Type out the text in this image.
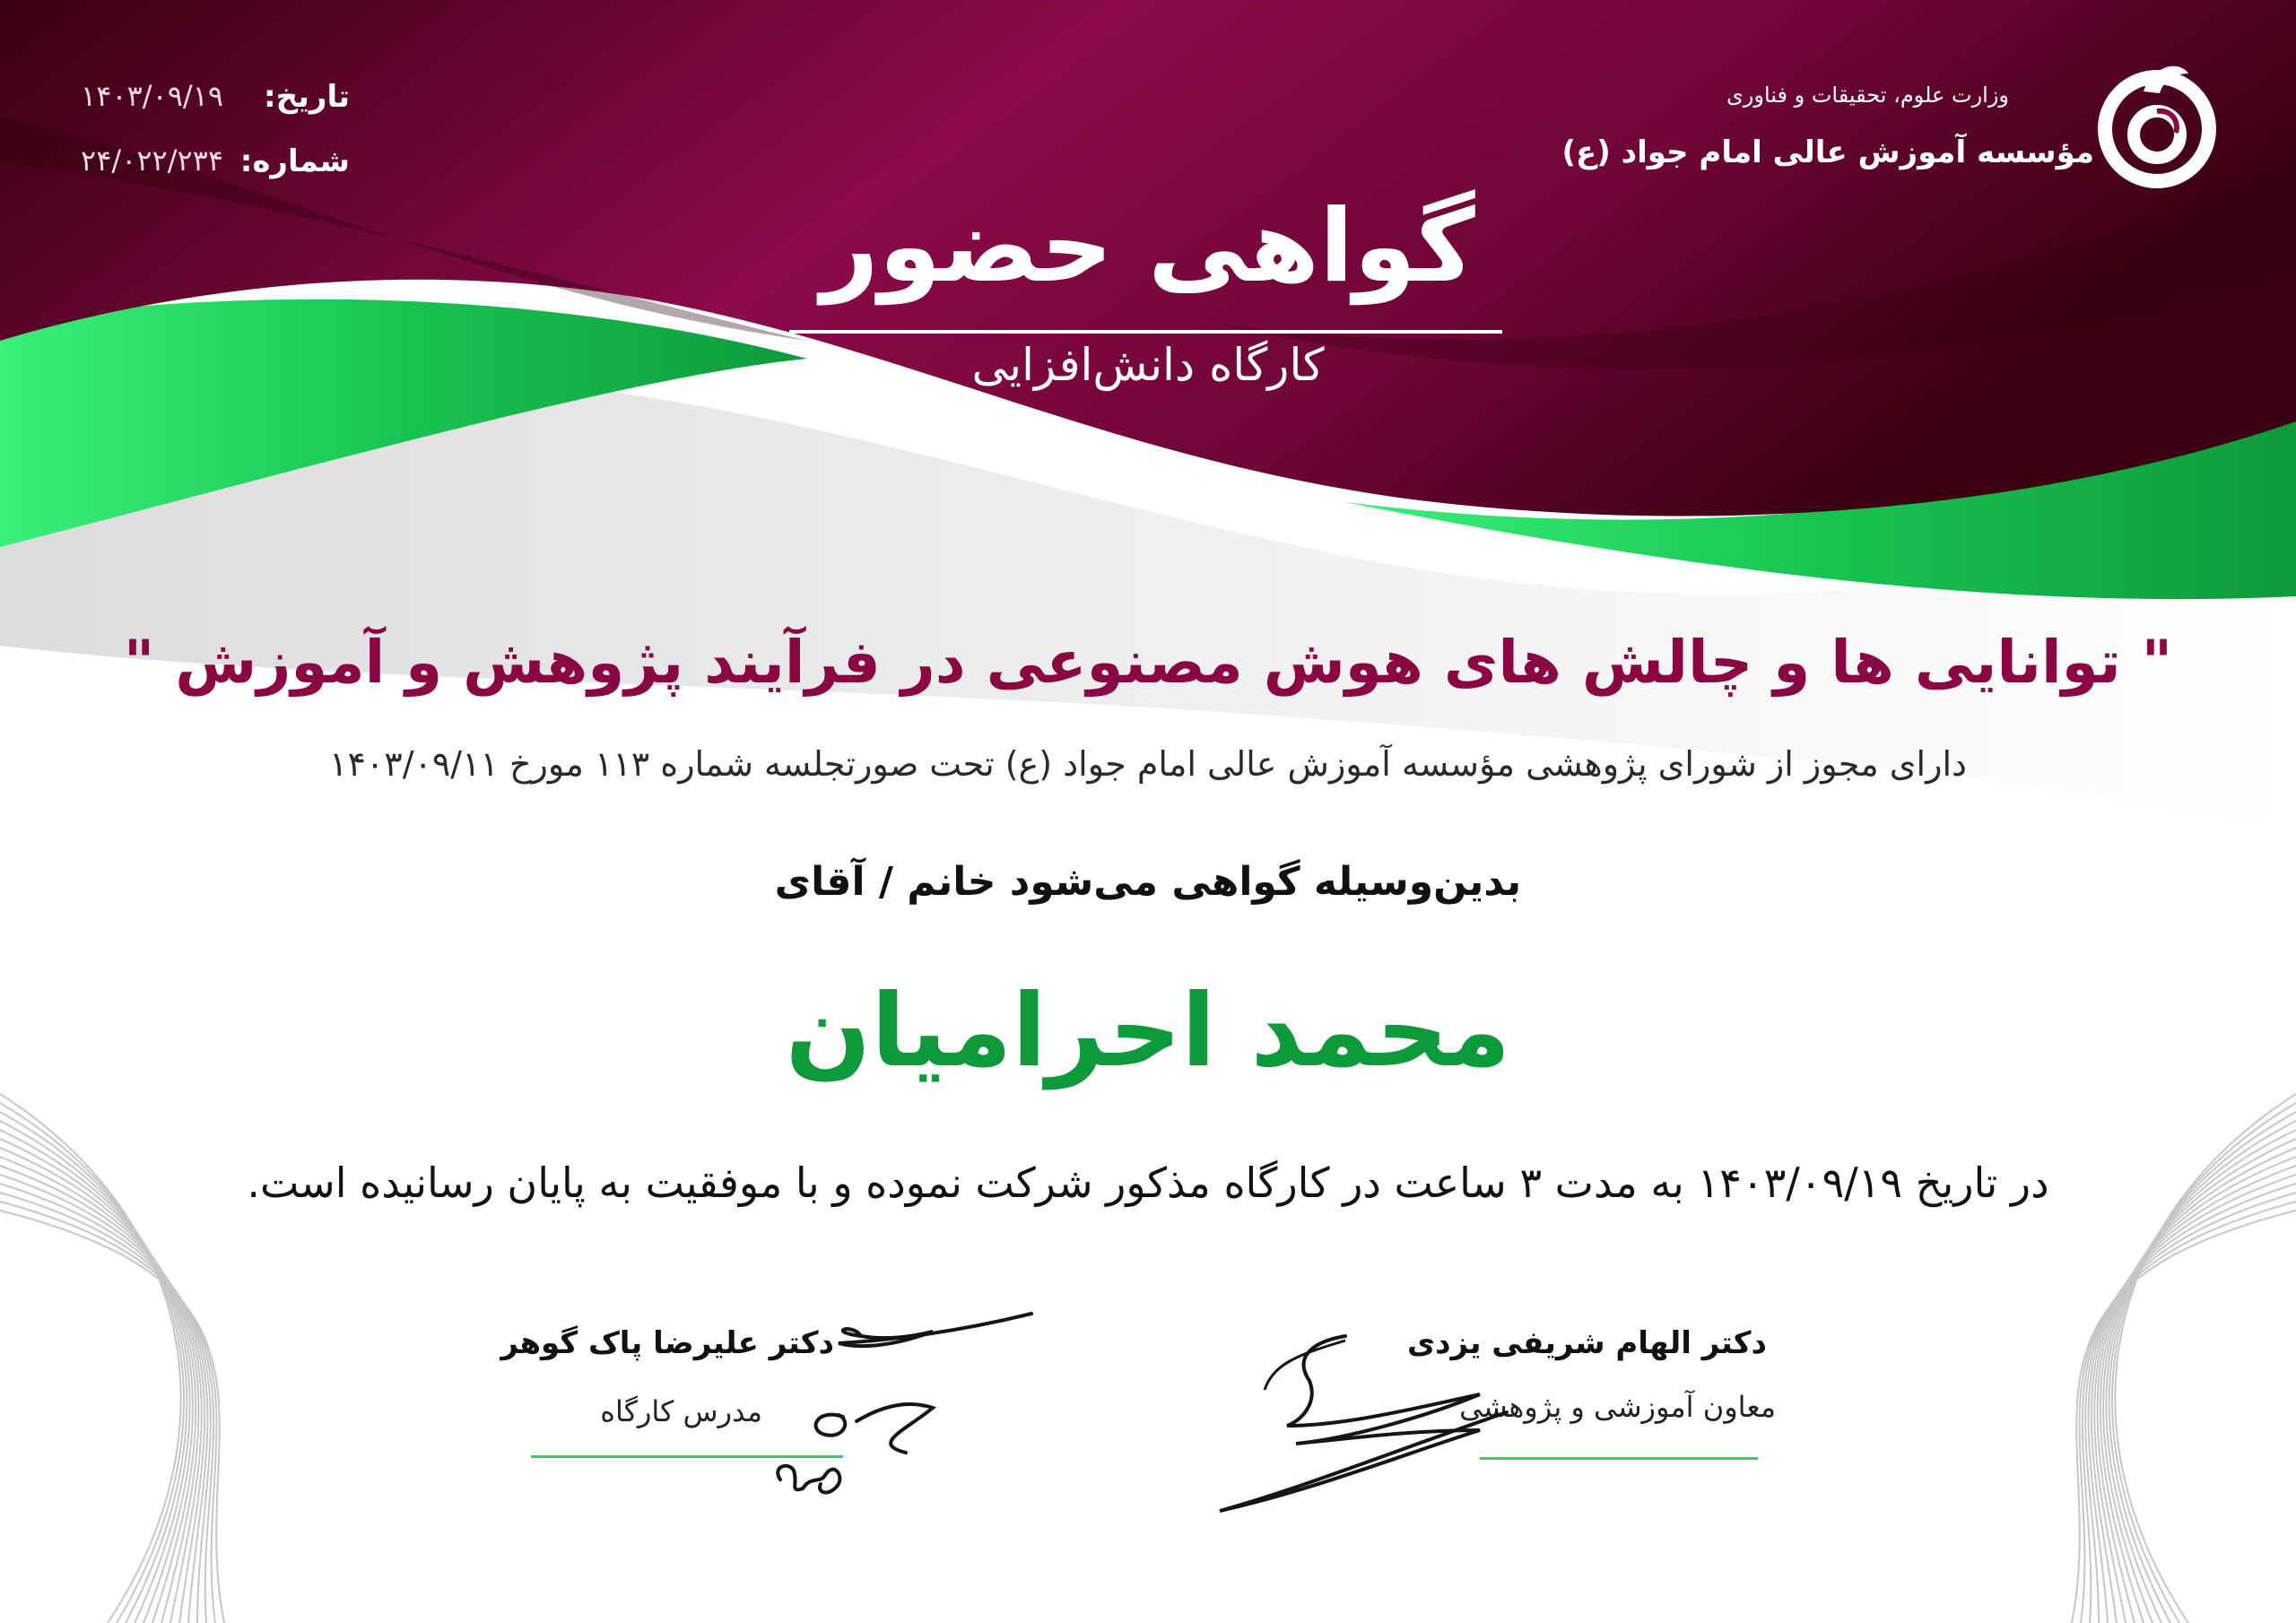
تاریخ:
۱۴۰۳/۰۹/۱۹
شماره:
۲۴/۰۲۲/۲۳۴
وزارت علوم، تحقیقات و فناوری
مؤسسه آموزش عالی امام جواد (ع)
گواهی حضور
کارگاه دانش‌افزایی
" توانایی ها و چالش های هوش مصنوعی در فرآیند پژوهش و آموزش "
دارای مجوز از شورای پژوهشی مؤسسه آموزش عالی امام جواد (ع) تحت صورتجلسه شماره ۱۱۳ مورخ ۱۴۰۳/۰۹/۱۱
بدین‌وسیله گواهی می‌شود خانم / آقای
محمد احرامیان
در تاریخ ۱۴۰۳/۰۹/۱۹ به مدت ۳ ساعت در کارگاه مذکور شرکت نموده و با موفقیت به پایان رسانیده است.
دکتر الهام شریفی یزدی
معاون آموزشی و پژوهشی
دکتر علیرضا پاک گوهر
مدرس کارگاه
